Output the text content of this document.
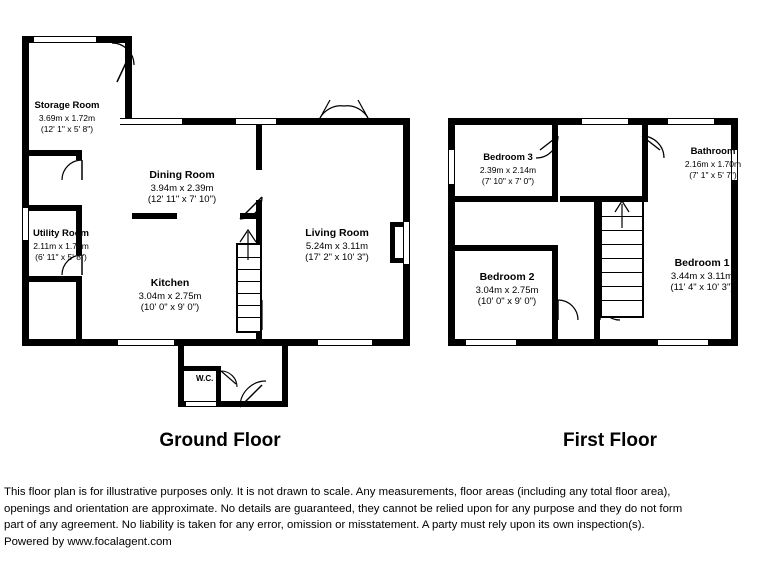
Storage Room
3.69m x 1.72m
(12' 1" x 5' 8")
Dining Room
3.94m x 2.39m
(12' 11" x 7' 10")
Utility Room
2.11m x 1.72m
(6' 11" x 5' 8")
Kitchen
3.04m x 2.75m
(10' 0" x 9' 0")
Living Room
5.24m x 3.11m
(17' 2" x 10' 3")
Hall
W.C.
Bedroom 3
2.39m x 2.14m
(7' 10" x 7' 0")
Bathroom
2.16m x 1.70m
(7' 1" x 5' 7")
Bedroom 2
3.04m x 2.75m
(10' 0" x 9' 0")
Bedroom 1
3.44m x 3.11m
(11' 4" x 10' 3")
Ground Floor	First Floor
This floor plan is for illustrative purposes only. It is not drawn to scale. Any measurements, floor areas (including any total floor area),
openings and orientation are approximate. No details are guaranteed, they cannot be relied upon for any purpose and they do not form
part of any agreement. No liability is taken for any error, omission or misstatement. A party must rely upon its own inspection(s).
Powered by www.focalagent.com
